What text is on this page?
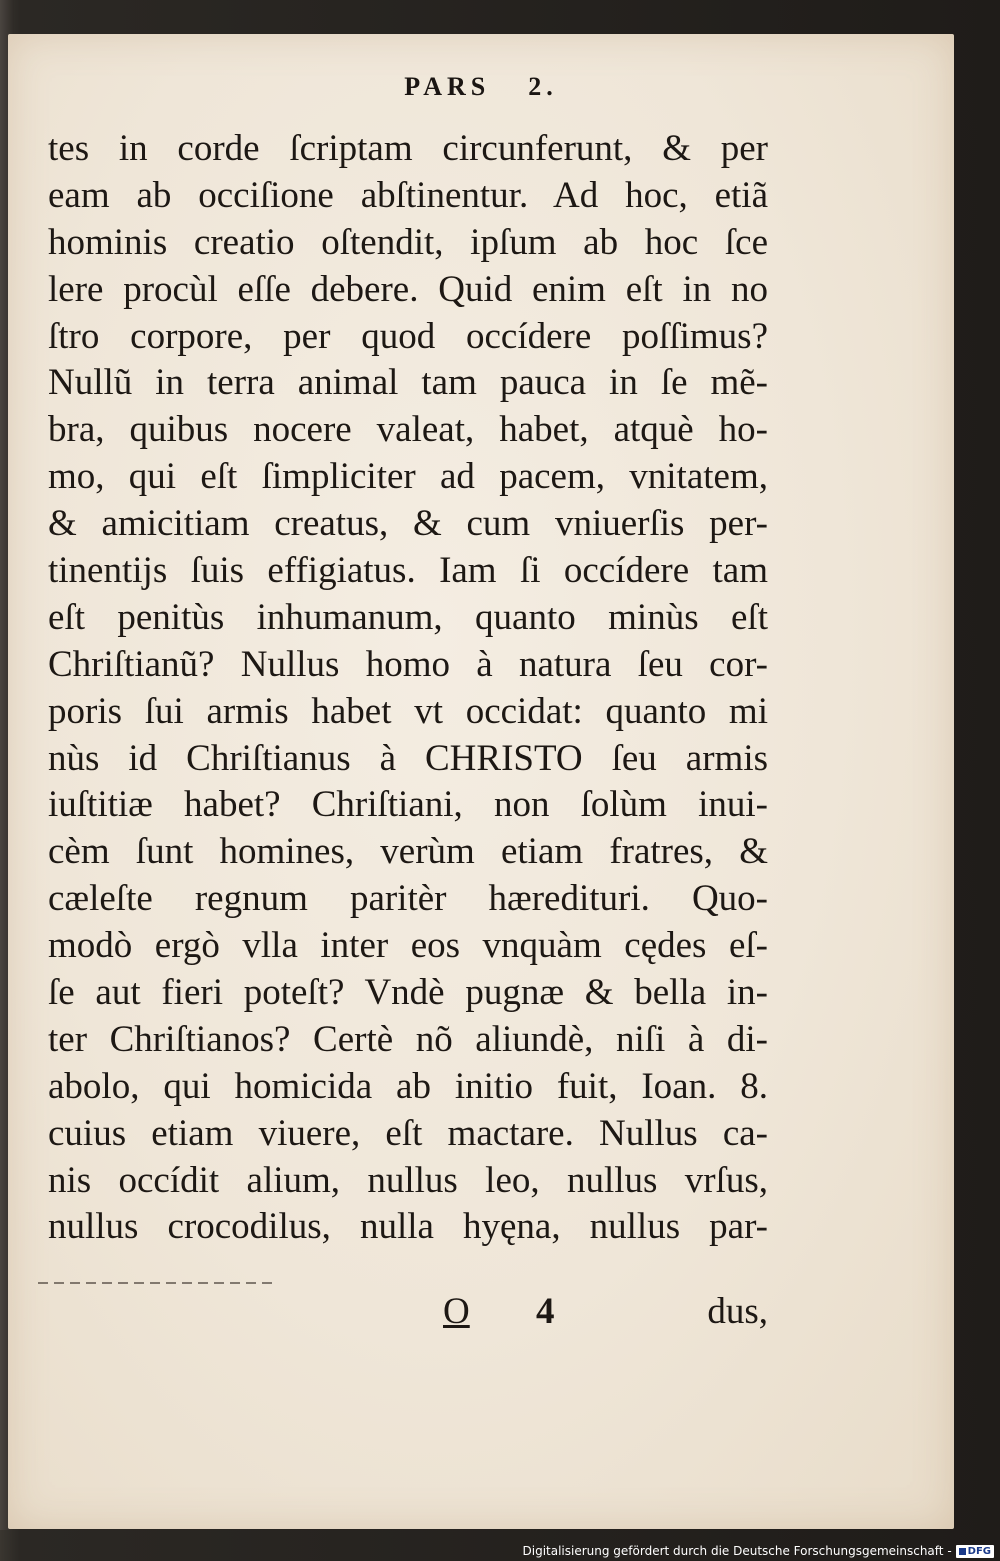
PARS 2.
tes in corde ſcriptam circunferunt, & per
eam ab occiſione abſtinentur. Ad hoc, etiã
hominis creatio oſtendit, ipſum ab hoc ſce
lere procùl eſſe debere. Quid enim eſt in no
ſtro corpore, per quod occídere poſſimus?
Nullũ in terra animal tam pauca in ſe mẽ-
bra, quibus nocere valeat, habet, atquè ho-
mo, qui eſt ſimpliciter ad pacem, vnitatem,
& amicitiam creatus, & cum vniuerſis per-
tinentijs ſuis effigiatus. Iam ſi occídere tam
eſt penitùs inhumanum, quanto minùs eſt
Chriſtianũ? Nullus homo à natura ſeu cor-
poris ſui armis habet vt occidat: quanto mi
nùs id Chriſtianus à CHRISTO ſeu armis
iuſtitiæ habet? Chriſtiani, non ſolùm inui-
cèm ſunt homines, verùm etiam fratres, &
cæleſte regnum paritèr hæredituri. Quo-
modò ergò vlla inter eos vnquàm cędes eſ-
ſe aut fieri poteſt? Vndè pugnæ & bella in-
ter Chriſtianos? Certè nõ aliundè, niſi à di-
abolo, qui homicida ab initio fuit, Ioan. 8.
cuius etiam viuere, eſt mactare. Nullus ca-
nis occídit alium, nullus leo, nullus vrſus,
nullus crocodilus, nulla hyęna, nullus par-
O 4	dus,
Digitalisierung gefördert durch die Deutsche Forschungsgemeinschaft - DFG
